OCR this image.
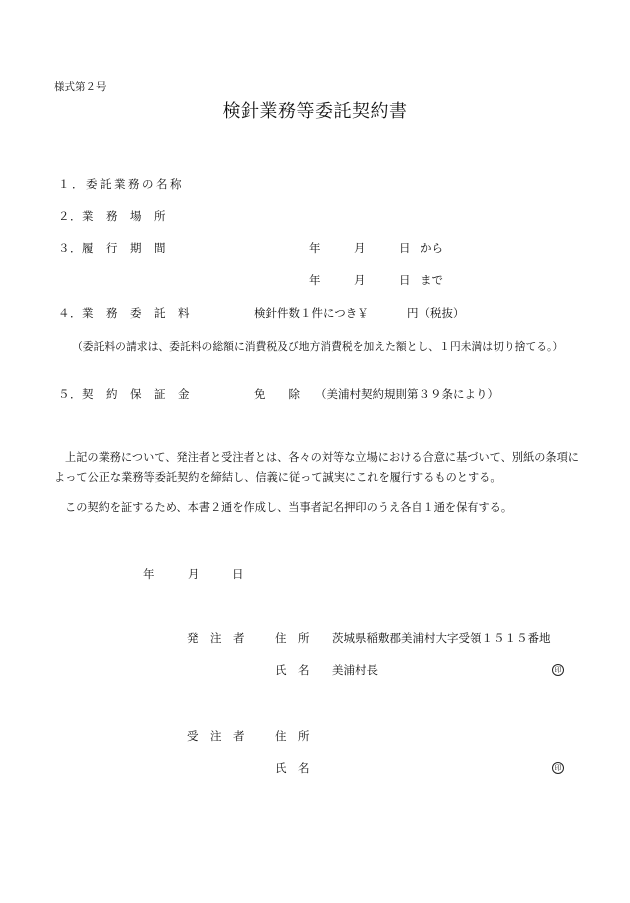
様式第２号
検針業務等委託契約書
１．委託業務の名称
２．業　務　場　所
３．履　行　期　間	年	月	日 から
年	月	日 まで
４．業　務　委　託　料	検針件数１件につき￥	円（税抜）
（委託料の請求は、委託料の総額に消費税及び地方消費税を加えた額とし、１円未満は切り捨てる。）
５．契　約　保　証　金	免　　除 （美浦村契約規則第３９条により）
上記の業務について、発注者と受注者とは、各々の対等な立場における合意に基づいて、別紙の条項によって公正な業務等委託契約を締結し、信義に従って誠実にこれを履行するものとする。
この契約を証するため、本書２通を作成し、当事者記名押印のうえ各自１通を保有する。
年	月	日
発　注　者	住　所 茨城県稲敷郡美浦村大字受領１５１５番地
氏　名 美浦村長	印
受　注　者	住　所
氏　名	印
